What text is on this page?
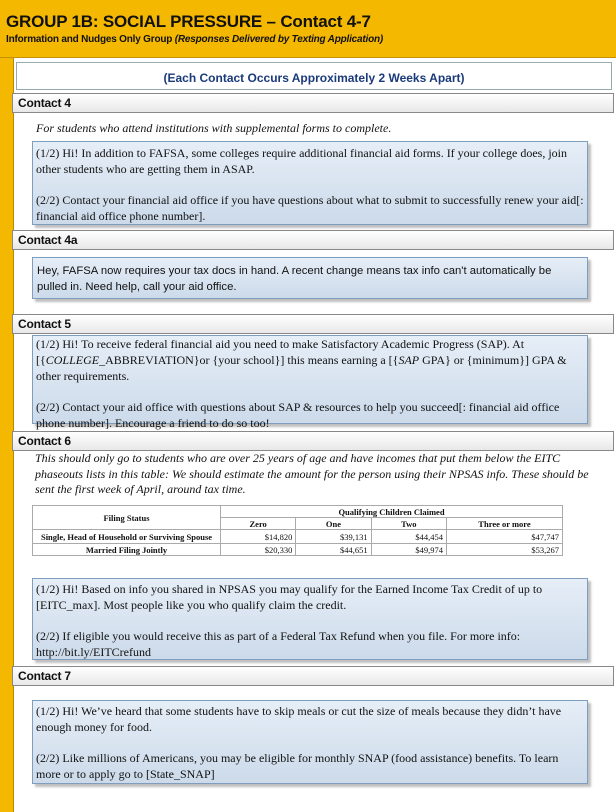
GROUP 1B: SOCIAL PRESSURE – Contact 4-7
Information and Nudges Only Group (Responses Delivered by Texting Application)
(Each Contact Occurs Approximately 2 Weeks Apart)
Contact 4
For students who attend institutions with supplemental forms to complete.

(1/2) Hi! In addition to FAFSA, some colleges require additional financial aid forms. If your college does, join other students who are getting them in ASAP.

(2/2) Contact your financial aid office if you have questions about what to submit to successfully renew your aid[: financial aid office phone number].

Contact 4a

Hey, FAFSA now requires your tax docs in hand. A recent change means tax info can't automatically be pulled in. Need help, call your aid office.

Contact 5

(1/2) Hi! To receive federal financial aid you need to make Satisfactory Academic Progress (SAP). At [{COLLEGE_ABBREVIATION}or {your school}] this means earning a [{SAP GPA} or {minimum}] GPA & other requirements.

(2/2) Contact your aid office with questions about SAP & resources to help you succeed[: financial aid office phone number]. Encourage a friend to do so too!

Contact 6
This should only go to students who are over 25 years of age and have incomes that put them below the EITC phaseouts lists in this table: We should estimate the amount for the person using their NPSAS info. These should be sent the first week of April, around tax time.
Filing Status	Qualifying Children Claimed			
	Zero	One	Two	Three or more
Single, Head of Household or Surviving Spouse	$14,820	$39,131	$44,454	$47,747
Married Filing Jointly	$20,330	$44,651	$49,974	$53,267

(1/2) Hi! Based on info you shared in NPSAS you may qualify for the Earned Income Tax Credit of up to [EITC_max]. Most people like you who qualify claim the credit.

(2/2) If eligible you would receive this as part of a Federal Tax Refund when you file. For more info: http://bit.ly/EITCrefund

Contact 7

(1/2) Hi! We’ve heard that some students have to skip meals or cut the size of meals because they didn’t have enough money for food.

(2/2) Like millions of Americans, you may be eligible for monthly SNAP (food assistance) benefits. To learn more or to apply go to [State_SNAP]
